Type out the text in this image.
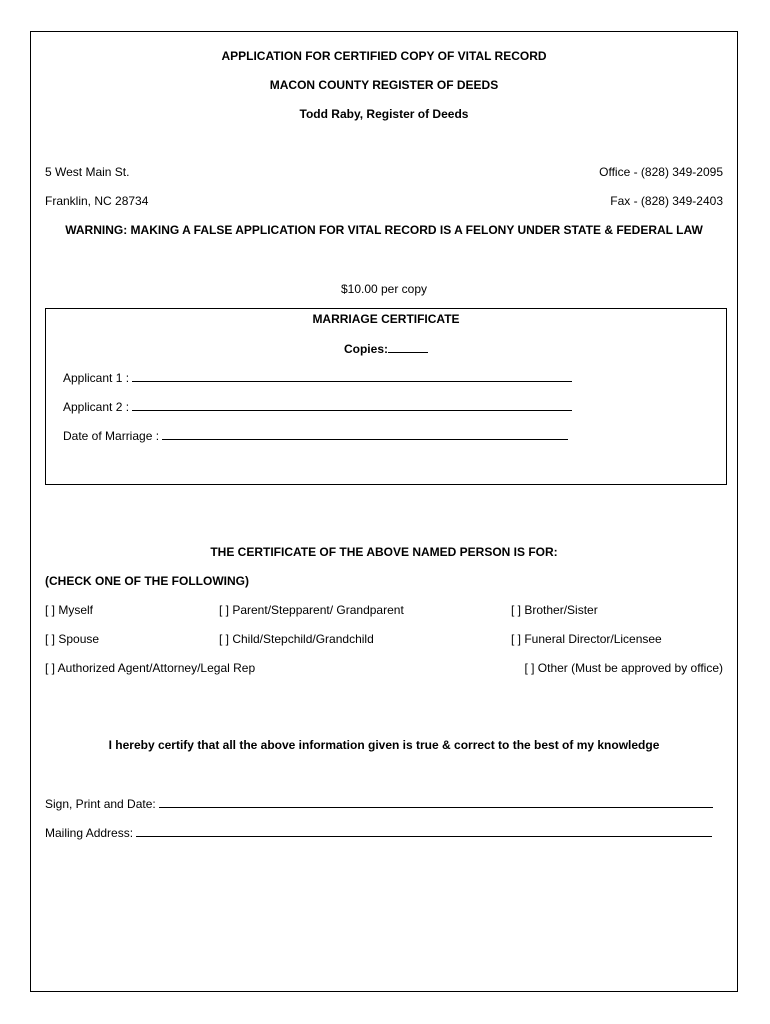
APPLICATION FOR CERTIFIED COPY OF VITAL RECORD
MACON COUNTY REGISTER OF DEEDS
Todd Raby, Register of Deeds
5 West Main St.
Franklin, NC 28734
Office - (828) 349-2095
Fax - (828) 349-2403
WARNING: MAKING A FALSE APPLICATION FOR VITAL RECORD IS A FELONY UNDER STATE & FEDERAL LAW
$10.00 per copy
MARRIAGE CERTIFICATE
Copies:
Applicant 1 :
Applicant 2 :
Date of Marriage :
THE CERTIFICATE OF THE ABOVE NAMED PERSON IS FOR:
(CHECK ONE OF THE FOLLOWING)
[ ] Myself	[ ] Parent/Stepparent/ Grandparent	[ ] Brother/Sister
[ ] Spouse	[ ] Child/Stepchild/Grandchild	[ ] Funeral Director/Licensee
[ ] Authorized Agent/Attorney/Legal Rep	[ ] Other (Must be approved by office)
I hereby certify that all the above information given is true & correct to the best of my knowledge
Sign, Print and Date:
Mailing Address:
